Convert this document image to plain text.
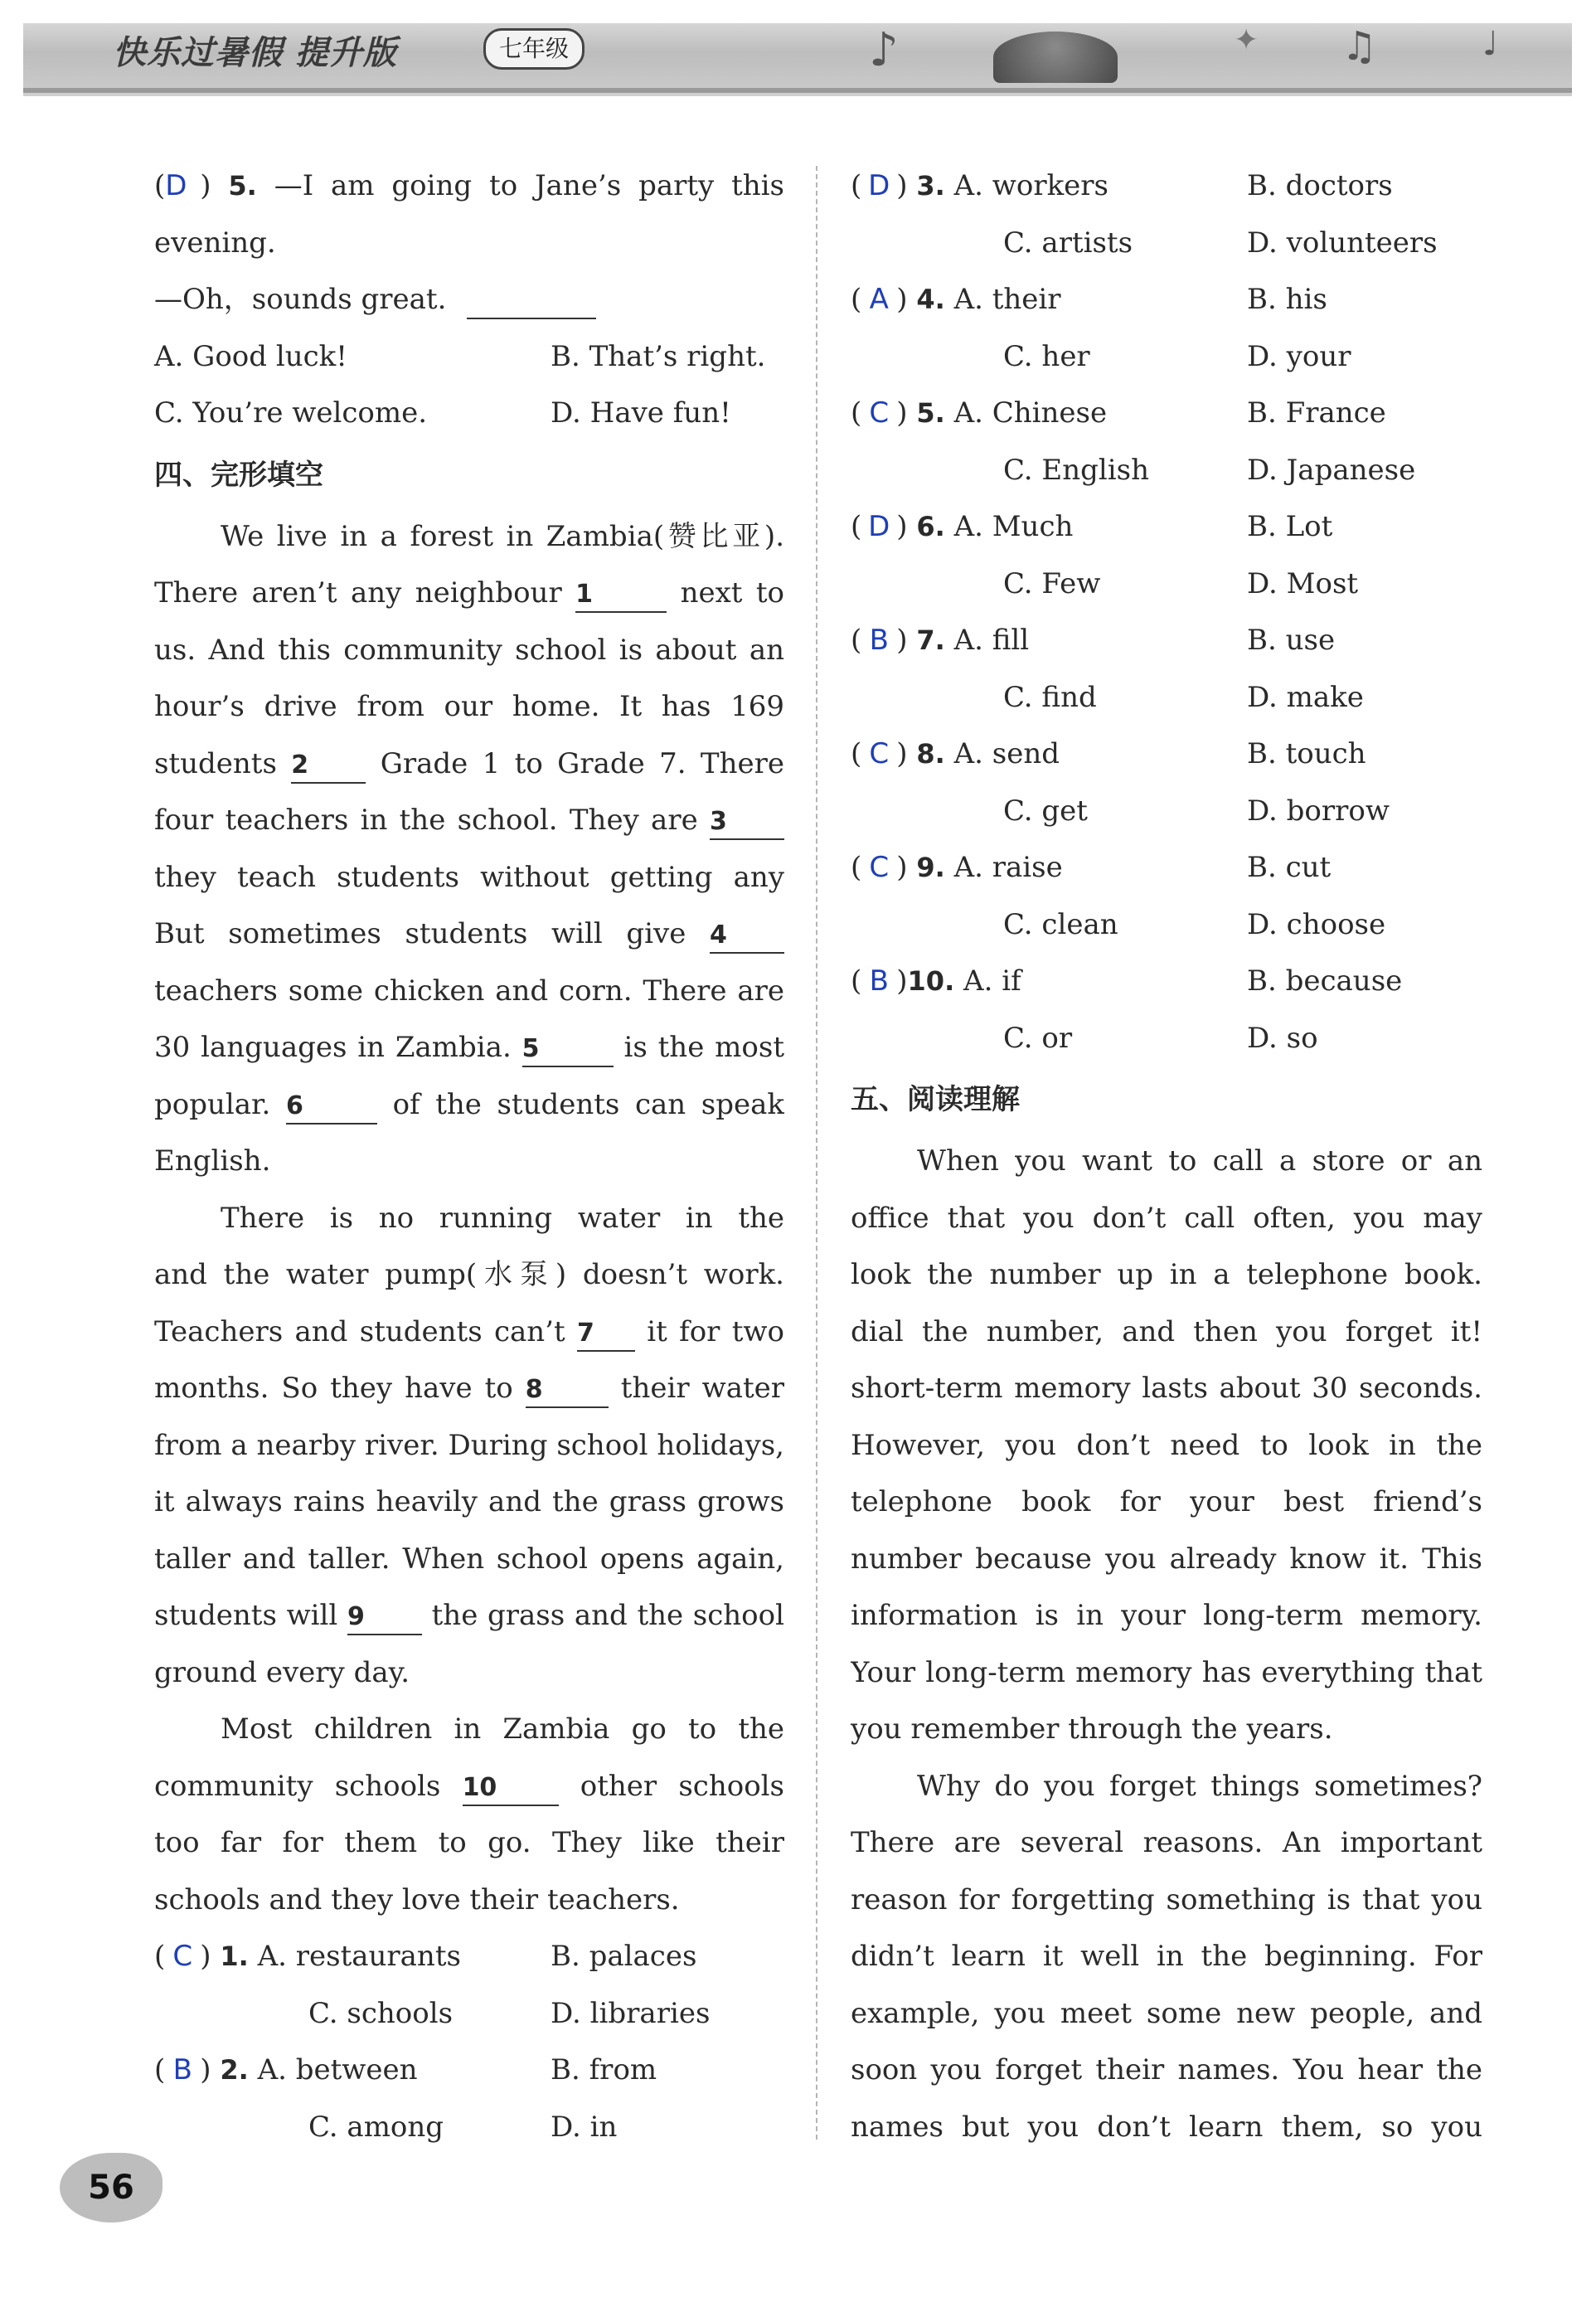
快乐过暑假 提升版	七年级	♪	✦ ♫	♩
(D ) 5. —I am going to Jane’s party this
evening.
—Oh，sounds great.
A. Good luck!	B. That’s right.
C. You’re welcome.	D. Have fun!
四、完形填空
We live in a forest in Zambia(赞比亚).
There aren’t any neighbour 1	next to
us. And this community school is about an
hour’s drive from our home. It has 169
students 2	Grade 1 to Grade 7. There
four teachers in the school. They are 3
they teach students without getting any
But sometimes students will give 4
teachers some chicken and corn. There are
30 languages in Zambia. 5	is the most
popular. 6	of the students can speak
English.
There is no running water in the
and the water pump(水泵) doesn’t work.
Teachers and students can’t 7 it for two
months. So they have to 8	their water
from a nearby river. During school holidays,
it always rains heavily and the grass grows
taller and taller. When school opens again,
students will 9 the grass and the school
ground every day.
Most children in Zambia go to the
community schools 10	other schools
too far for them to go. They like their
schools and they love their teachers.
( C ) 1. A. restaurants	B. palaces
C. schools	D. libraries
( B ) 2. A. between	B. from
C. among	D. in
( D ) 3. A. workers	B. doctors
C. artists	D. volunteers
( A ) 4. A. their	B. his
C. her	D. your
( C ) 5. A. Chinese	B. France
C. English	D. Japanese
( D ) 6. A. Much	B. Lot
C. Few	D. Most
( B ) 7. A. fill	B. use
C. find	D. make
( C ) 8. A. send	B. touch
C. get	D. borrow
( C ) 9. A. raise	B. cut
C. clean	D. choose
( B )10. A. if	B. because
C. or	D. so
五、阅读理解
When you want to call a store or an
office that you don’t call often, you may
look the number up in a telephone book.
dial the number, and then you forget it!
short-term memory lasts about 30 seconds.
However, you don’t need to look in the
telephone book for your best friend’s
number because you already know it. This
information is in your long-term memory.
Your long-term memory has everything that
you remember through the years.
Why do you forget things sometimes?
There are several reasons. An important
reason for forgetting something is that you
didn’t learn it well in the beginning. For
example, you meet some new people, and
soon you forget their names. You hear the
names but you don’t learn them, so you
56
